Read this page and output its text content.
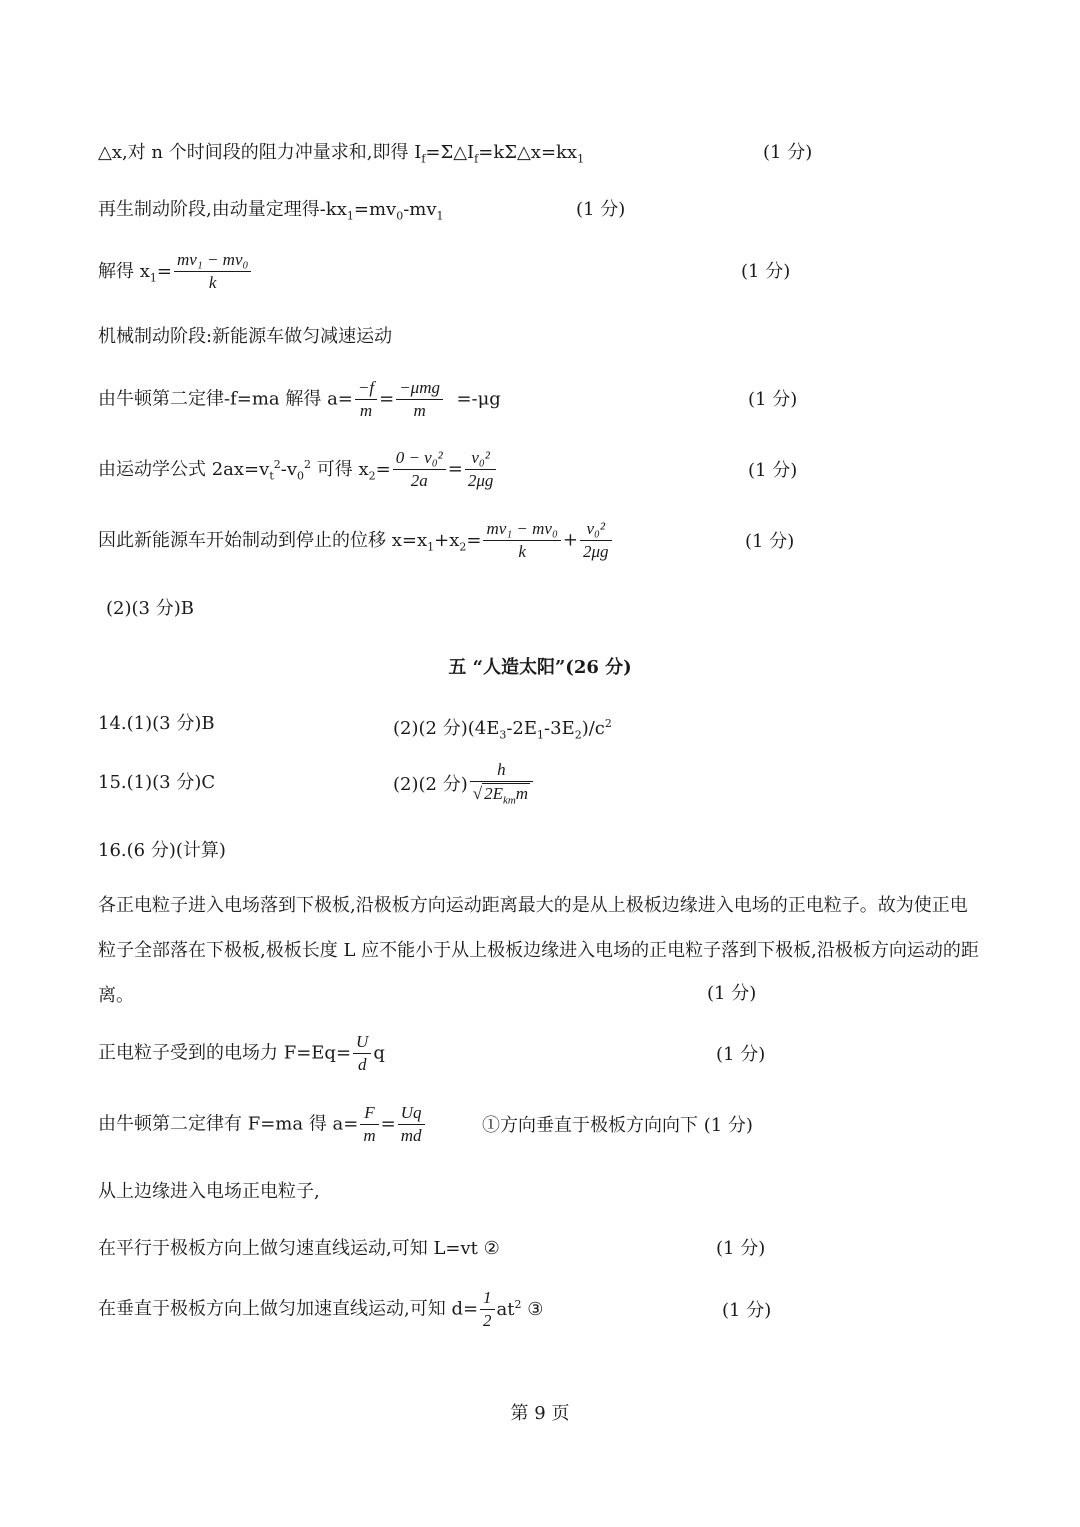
△x,对 n 个时间段的阻力冲量求和,即得 $I_f=\Sigma\triangle I_f=k\Sigma\triangle x=kx_1$	(1 分)
再生制动阶段,由动量定理得$-kx_1=mv_0-mv_1$	(1 分)
解得 $x_1= \frac{\text{mv₁ − mv₀}}{k}$	(1 分)
机械制动阶段:新能源车做匀减速运动
由牛顿第二定律-f=ma 解得 $a= \frac{-f}{m} = \frac{\text{−μmg}}{m} =-\mu g$	(1 分)
由运动学公式 $2ax=v_t^2-v_0^2$ 可得 $x_2= \frac{\text{0 − v₀²}}{2a} = \frac{\text{v₀²}}{2\mu g}$	(1 分)
因此新能源车开始制动到停止的位移 $x=x_1+x_2= \frac{\text{mv₁ − mv₀}}{k} + \frac{\text{v₀²}}{2\mu g}$	(1 分)
(2)(3 分)B
五 “人造太阳”(26 分)
14.(1)(3 分)B	(2)(2 分)$(4E_3-2E_1-3E_2)/c^2$
15.(1)(3 分)C	(2)(2 分) $\frac{h}{√ 2E_{km}m}$
16.(6 分)(计算)
各正电粒子进入电场落到下极板,沿极板方向运动距离最大的是从上极板边缘进入电场的正电粒子。故为使正电粒子全部落在下极板,极板长度 L 应不能小于从上极板边缘进入电场的正电粒子落到下极板,沿极板方向运动的距离。	(1 分)
正电粒子受到的电场力 $F=Eq= \frac{U}{d}$ q	(1 分)
由牛顿第二定律有 F=ma 得 $a= \frac{F}{m} = \frac{Uq}{md}$	①方向垂直于极板方向向下 (1 分)
从上边缘进入电场正电粒子,
在平行于极板方向上做匀速直线运动,可知 L=vt ②	(1 分)
在垂直于极板方向上做匀加速直线运动,可知 $d= \frac{1}{2} at^2$ ③	(1 分)
第 9 页
